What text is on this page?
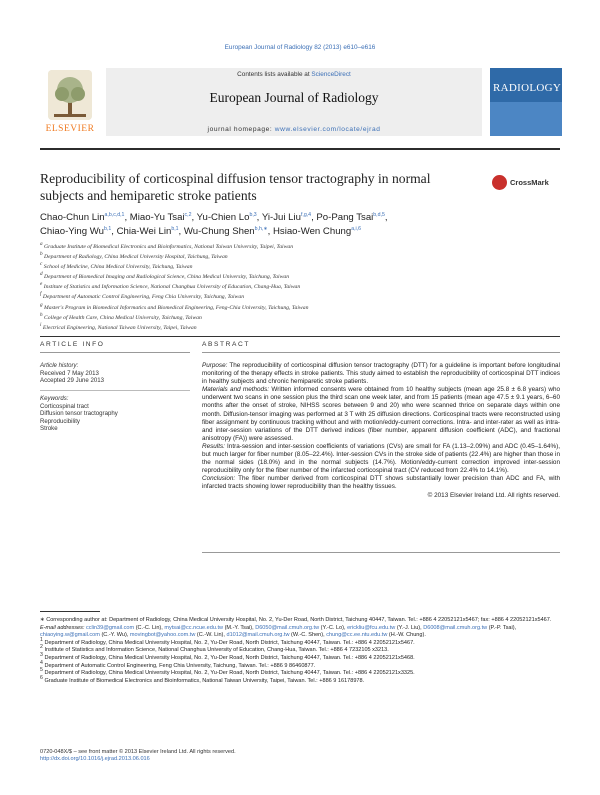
European Journal of Radiology 82 (2013) e610–e616
ELSEVIER
Contents lists available at ScienceDirect
European Journal of Radiology
journal homepage: www.elsevier.com/locate/ejrad
RADIOLOGY
Reproducibility of corticospinal diffusion tensor tractography in normal subjects and hemiparetic stroke patients
CrossMark
Chao-Chun Lin$^{a,b,c,d,1}$, Miao-Yu Tsai$^{c,2}$, Yu-Chien Lo$^{b,3}$, Yi-Jui Liu$^{f,g,4}$, Po-Pang Tsai$^{b,d,5}$,
Chiao-Ying Wu$^{b,1}$, Chia-Wei Lin$^{b,1}$, Wu-Chung Shen$^{b,h,∗}$, Hsiao-Wen Chung$^{a,i,6}$
$^a$ Graduate Institute of Biomedical Electronics and Bioinformatics, National Taiwan University, Taipei, Taiwan
$^b$ Department of Radiology, China Medical University Hospital, Taichung, Taiwan
$^c$ School of Medicine, China Medical University, Taichung, Taiwan
$^d$ Department of Biomedical Imaging and Radiological Science, China Medical University, Taichung, Taiwan
$^e$ Institute of Statistics and Information Science, National Changhua University of Education, Chang-Hua, Taiwan
$^f$ Department of Automatic Control Engineering, Feng Chia University, Taichung, Taiwan
$^g$ Master's Program in Biomedical Informatics and Biomedical Engineering, Feng-Chia University, Taichung, Taiwan
$^h$ College of Health Care, China Medical University, Taichung, Taiwan
$^i$ Electrical Engineering, National Taiwan University, Taipei, Taiwan
ARTICLE INFO	ABSTRACT
Article history:
Received 7 May 2013
Accepted 29 June 2013
Keywords:
Corticospinal tract
Diffusion tensor tractography
Reproducibility
Stroke

Purpose: The reproducibility of corticospinal diffusion tensor tractography (DTT) for a guideline is important before longitudinal monitoring of the therapy effects in stroke patients. This study aimed to establish the reproducibility of corticospinal DTT indices in healthy subjects and chronic hemiparetic stroke patients.

Materials and methods: Written informed consents were obtained from 10 healthy subjects (mean age 25.8 ± 6.8 years) who underwent two scans in one session plus the third scan one week later, and from 15 patients (mean age 47.5 ± 9.1 years, 6–60 months after the onset of stroke, NIHSS scores between 9 and 20) who were scanned thrice on separate days within one month. Diffusion-tensor imaging was performed at 3 T with 25 diffusion directions. Corticospinal tracts were reconstructed using fiber assignment by continuous tracking without and with motion/eddy-current corrections. Intra- and inter-rater as well as intra- and inter-session variations of the DTT derived indices (fiber number, apparent diffusion coefficient (ADC), and fractional anisotropy (FA)) were assessed.

Results: Intra-session and inter-session coefficients of variations (CVs) are small for FA (1.13–2.09%) and ADC (0.45–1.64%), but much larger for fiber number (8.05–22.4%). Inter-session CVs in the stroke side of patients (22.4%) are higher than those in the normal sides (18.0%) and in the normal subjects (14.7%). Motion/eddy-current correction improved inter-session reproducibility only for the fiber number of the infarcted corticospinal tract (CV reduced from 22.4% to 14.1%).

Conclusion: The fiber number derived from corticospinal DTT shows substantially lower precision than ADC and FA, with infarcted tracts showing lower reproducibility than the healthy tissues.

© 2013 Elsevier Ireland Ltd. All rights reserved.

∗ Corresponding author at: Department of Radiology, China Medical University Hospital, No. 2, Yu-Der Road, North District, Taichung 40447, Taiwan. Tel.: +886 4 22052121x5467; fax: +886 4 22052121x5467.

E-mail addresses: cclin39@gmail.com (C.-C. Lin), mytsai@cc.ncue.edu.tw (M.-Y. Tsai), D6050@mail.cmuh.org.tw (Y.-C. Lo), erickliu@fcu.edu.tw (Y.-J. Liu), D6008@mail.cmuh.org.tw (P.-P. Tsai), chiaoying.w@gmail.com (C.-Y. Wu), movingbot@yahoo.com.tw (C.-W. Lin), d1012@mail.cmuh.org.tw (W.-C. Shen), chung@cc.ee.ntu.edu.tw (H.-W. Chung).

$^1$ Department of Radiology, China Medical University Hospital, No. 2, Yu-Der Road, North District, Taichung 40447, Taiwan. Tel.: +886 4 22052121x5467.

$^2$ Institute of Statistics and Information Science, National Changhua University of Education, Chang-Hua, Taiwan. Tel.: +886 4 7232105 x3213.

$^3$ Department of Radiology, China Medical University Hospital, No. 2, Yu-Der Road, North District, Taichung 40447, Taiwan. Tel.: +886 4 22052121x5468.

$^4$ Department of Automatic Control Engineering, Feng Chia University, Taichung, Taiwan. Tel.: +886 9 86460877.

$^5$ Department of Radiology, China Medical University Hospital, No. 2, Yu-Der Road, North District, Taichung 40447, Taiwan. Tel.: +886 4 22052121x3325.

$^6$ Graduate Institute of Biomedical Electronics and Bioinformatics, National Taiwan University, Taipei, Taiwan. Tel.: +886 9 16178978.

0720-048X/$ – see front matter © 2013 Elsevier Ireland Ltd. All rights reserved.
http://dx.doi.org/10.1016/j.ejrad.2013.06.016
